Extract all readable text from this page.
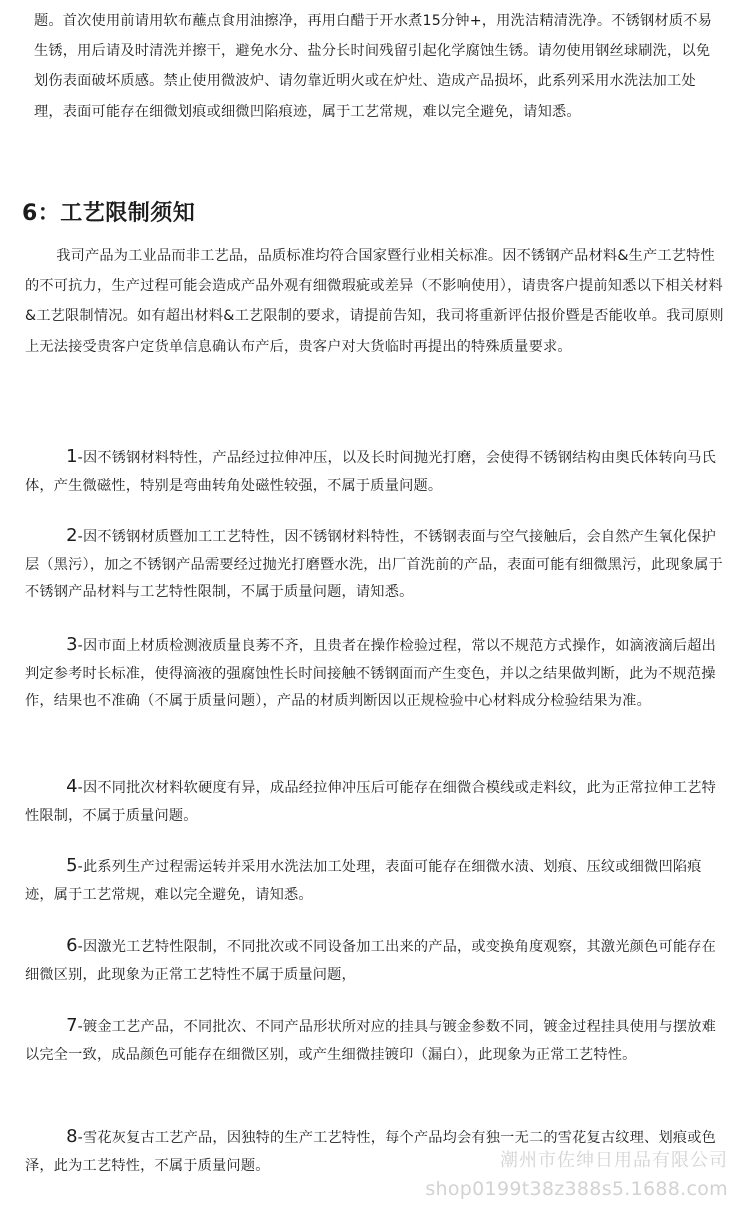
题。首次使用前请用软布蘸点食用油擦净，再用白醋于开水煮15分钟+，用洗洁精清洗净。不锈钢材质不易生锈，用后请及时清洗并擦干，避免水分、盐分长时间残留引起化学腐蚀生锈。请勿使用钢丝球刷洗，以免划伤表面破坏质感。禁止使用微波炉、请勿靠近明火或在炉灶、造成产品损坏，此系列采用水洗法加工处理，表面可能存在细微划痕或细微凹陷痕迹，属于工艺常规，难以完全避免，请知悉。

6：工艺限制须知

我司产品为工业品而非工艺品，品质标准均符合国家暨行业相关标准。因不锈钢产品材料&生产工艺特性的不可抗力，生产过程可能会造成产品外观有细微瑕疵或差异（不影响使用），请贵客户提前知悉以下相关材料&工艺限制情况。如有超出材料&工艺限制的要求，请提前告知，我司将重新评估报价暨是否能收单。我司原则上无法接受贵客户定货单信息确认布产后，贵客户对大货临时再提出的特殊质量要求。

1-因不锈钢材料特性，产品经过拉伸冲压，以及长时间抛光打磨，会使得不锈钢结构由奥氏体转向马氏体，产生微磁性，特别是弯曲转角处磁性较强，不属于质量问题。

2-因不锈钢材质暨加工工艺特性，因不锈钢材料特性，不锈钢表面与空气接触后，会自然产生氧化保护层（黑污），加之不锈钢产品需要经过抛光打磨暨水洗，出厂首洗前的产品，表面可能有细微黑污，此现象属于不锈钢产品材料与工艺特性限制，不属于质量问题，请知悉。

3-因市面上材质检测液质量良莠不齐，且贵者在操作检验过程，常以不规范方式操作，如滴液滴后超出判定参考时长标准，使得滴液的强腐蚀性长时间接触不锈钢面而产生变色，并以之结果做判断，此为不规范操作，结果也不准确（不属于质量问题），产品的材质判断因以正规检验中心材料成分检验结果为准。

4-因不同批次材料软硬度有异，成品经拉伸冲压后可能存在细微合模线或走料纹，此为正常拉伸工艺特性限制，不属于质量问题。

5-此系列生产过程需运转并采用水洗法加工处理，表面可能存在细微水渍、划痕、压纹或细微凹陷痕迹，属于工艺常规，难以完全避免，请知悉。

6-因激光工艺特性限制，不同批次或不同设备加工出来的产品，或变换角度观察，其激光颜色可能存在细微区别，此现象为正常工艺特性不属于质量问题，

7-镀金工艺产品，不同批次、不同产品形状所对应的挂具与镀金参数不同，镀金过程挂具使用与摆放难以完全一致，成品颜色可能存在细微区别，或产生细微挂镀印（漏白），此现象为正常工艺特性。

8-雪花灰复古工艺产品，因独特的生产工艺特性，每个产品均会有独一无二的雪花复古纹理、划痕或色泽，此为工艺特性，不属于质量问题。	潮州市佐绅日用品有限公司

shop0199t38z388s5.1688.com
